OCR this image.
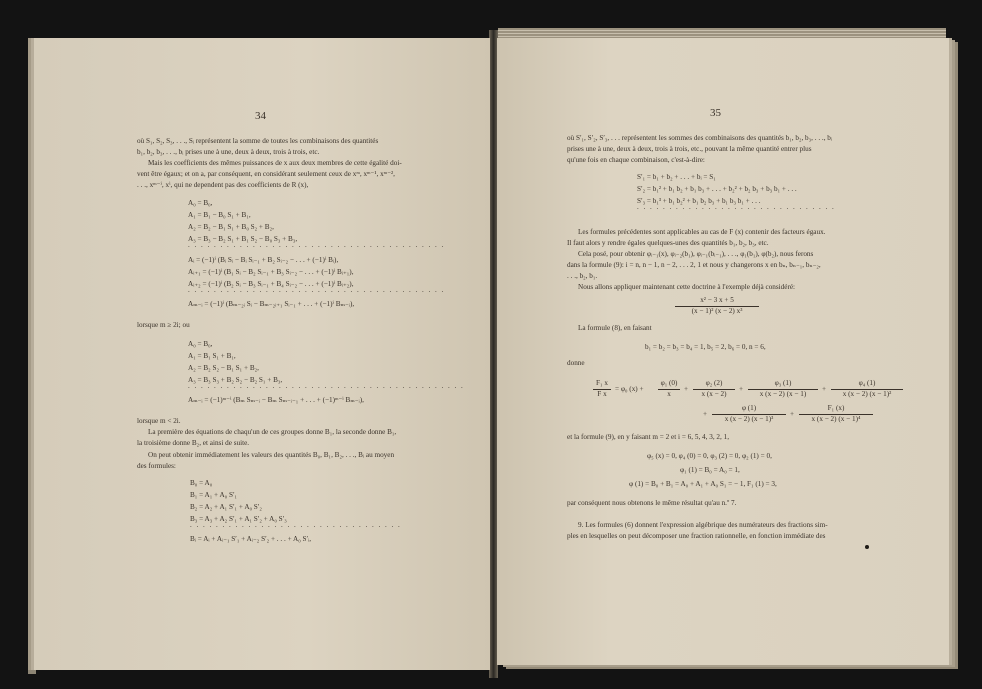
34
où S₁, S₂, S₃, . . ., Sᵢ représentent la somme de toutes les combinaisons des quantités
b₁, b₂, b₃, . . ., bᵢ prises une à une, deux à deux, trois à trois, etc.
Mais les coefficients des mêmes puissances de x aux deux membres de cette égalité doi-
vent être égaux; et on a, par conséquent, en considérant seulement ceux de xᵐ, xᵐ⁻¹, xᵐ⁻²,
. . ., xᵐ⁻ⁱ, xⁱ, qui ne dependent pas des coefficients de R (x),
A₀ = B₀,
A₁ = B₁ − B₀ S₁ + B₁,
A₂ = B₂ − B₁ S₁ + B₀ S₂ + B₂,
A₃ = B₃ − B₂ S₁ + B₁ S₂ − B₀ S₃ + B₃,
. . . . . . . . . . . . . . . . . . . . . . . . . . . . . . . . . . . . . . . .
Aᵢ = (−1)ⁱ (Bᵢ Sᵢ − Bᵢ Sᵢ₋₁ + B₂ Sᵢ₋₂ − . . . + (−1)ⁱ Bᵢ),
Aᵢ₊₁ = (−1)ⁱ (B₁ Sᵢ − B₂ Sᵢ₋₁ + B₃ Sᵢ₋₂ − . . . + (−1)ⁱ Bᵢ₊₁),
Aᵢ₊₂ = (−1)ⁱ (B₂ Sᵢ − B₃ Sᵢ₋₁ + B₄ Sᵢ₋₂ − . . . + (−1)ⁱ Bᵢ₊₂),
. . . . . . . . . . . . . . . . . . . . . . . . . . . . . . . . . . . . . . . .
Aₘ₋ᵢ = (−1)ⁱ (Bₘ₋₂ᵢ Sᵢ − Bₘ₋₂ᵢ₊₁ Sᵢ₋₁ + . . . + (−1)ⁱ Bₘ₋ᵢ),
lorsque m ≥ 2i; ou
A₀ = B₀,
A₁ = B₁ S₁ + B₁,
A₂ = B₂ S₂ − B₁ S₁ + B₂,
A₃ = B₃ S₃ + B₂ S₂ − B₂ S₁ + B₃,
. . . . . . . . . . . . . . . . . . . . . . . . . . . . . . . . . . . . . . . . . . .
Aₘ₋ᵢ = (−1)ᵐ⁻ⁱ (Bₘ Sₘ₋ᵢ − Bₘ Sₘ₋ᵢ₋₁ + . . . + (−1)ᵐ⁻ⁱ Bₘ₋ᵢ),
lorsque m < 2i.
La première des équations de chaqu'un de ces groupes donne B₁, la seconde donne B₁,
la troisième donne B₂, et ainsi de suite.
On peut obtenir immédiatement les valeurs des quantités B₀, B₁, B₂, . . ., Bᵢ au moyen
des formules:
B₀ = A₀
B₁ = A₁ + A₀ S′₁
B₂ = A₂ + A₁ S′₁ + A₀ S′₂
B₃ = A₃ + A₂ S′₁ + A₁ S′₂ + A₀ S′₃
. . . . . . . . . . . . . . . . . . . . . . . . . . . . . . . . .
Bᵢ = Aᵢ + Aᵢ₋₁ S′₁ + Aᵢ₋₂ S′₂ + . . . + A₀ S′ᵢ,
35
où S′₁, S′₂, S′₃, . . . représentent les sommes des combinaisons des quantités b₁, b₂, b₃, . . ., bᵢ
prises une à une, deux à deux, trois à trois, etc., pouvant la même quantité entrer plus
qu'une fois en chaque combinaison, c'est-à-dire:
S′₁ = b₁ + b₂ + . . . + bᵢ = S₁
S′₂ = b₁² + b₁ b₂ + b₁ b₃ + . . . + b₂² + b₂ b₃ + b₃ b₁ + . . .
S′₃ = b₁³ + b₁ b₂² + b₁ b₂ b₃ + b₁ b₃ b₁ + . . .
. . . . . . . . . . . . . . . . . . . . . . . . . . . . . . .
Les formules précédentes sont applicables au cas de F (x) contenir des facteurs égaux.
Il faut alors y rendre égales quelques-unes des quantités b₁, b₂, b₃, etc.
Cela posé, pour obtenir φᵢ₋₁(x), φᵢ₋₂(b₁), φᵢ₋₁(bᵢ₋₁), . . ., φ₁(b₁), φ(b₂), nous ferons
dans la formule (9): i = n, n − 1, n − 2, . . . 2, 1 et nous y changerons x en bₙ, bₙ₋₁, bₙ₋₂,
. . ., b₂, b₁.
Nous allons appliquer maintenant cette doctrine à l'exemple déjà considéré:
x² − 3 x + 5
(x − 1)² (x − 2) x³
La formule (8), en faisant
b₁ = b₂ = b₃ = b₄ = 1, b₅ = 2, b₆ = 0, n = 6,
donne
F₁ x
F x
= φ₀ (x) +
φ₁ (0)
x
+
φ₂ (2)
x (x − 2)
+
φ₃ (1)
x (x − 2) (x − 1)
+
φ₄ (1)
x (x − 2) (x − 1)²
+
φ (1)
x (x − 2) (x − 1)³
+
F₁ (x)
x (x − 2) (x − 1)⁴
et la formule (9), en y faisant m = 2 et i = 6, 5, 4, 3, 2, 1,
φ₅ (x) = 0, φ₄ (0) = 0, φ₃ (2) = 0, φ₂ (1) = 0,
φ₁ (1) = B₀ = A₀ = 1,
φ (1) = B₀ + B₁ = A₀ + A₁ + A₀ S₁ = − 1, F₁ (1) = 3,
par conséquent nous obtenons le même résultat qu'au n.º 7.
9. Les formules (6) donnent l'expression algébrique des numérateurs des fractions sim-
ples en lesquelles on peut décomposer une fraction rationnelle, en fonction immédiate des
